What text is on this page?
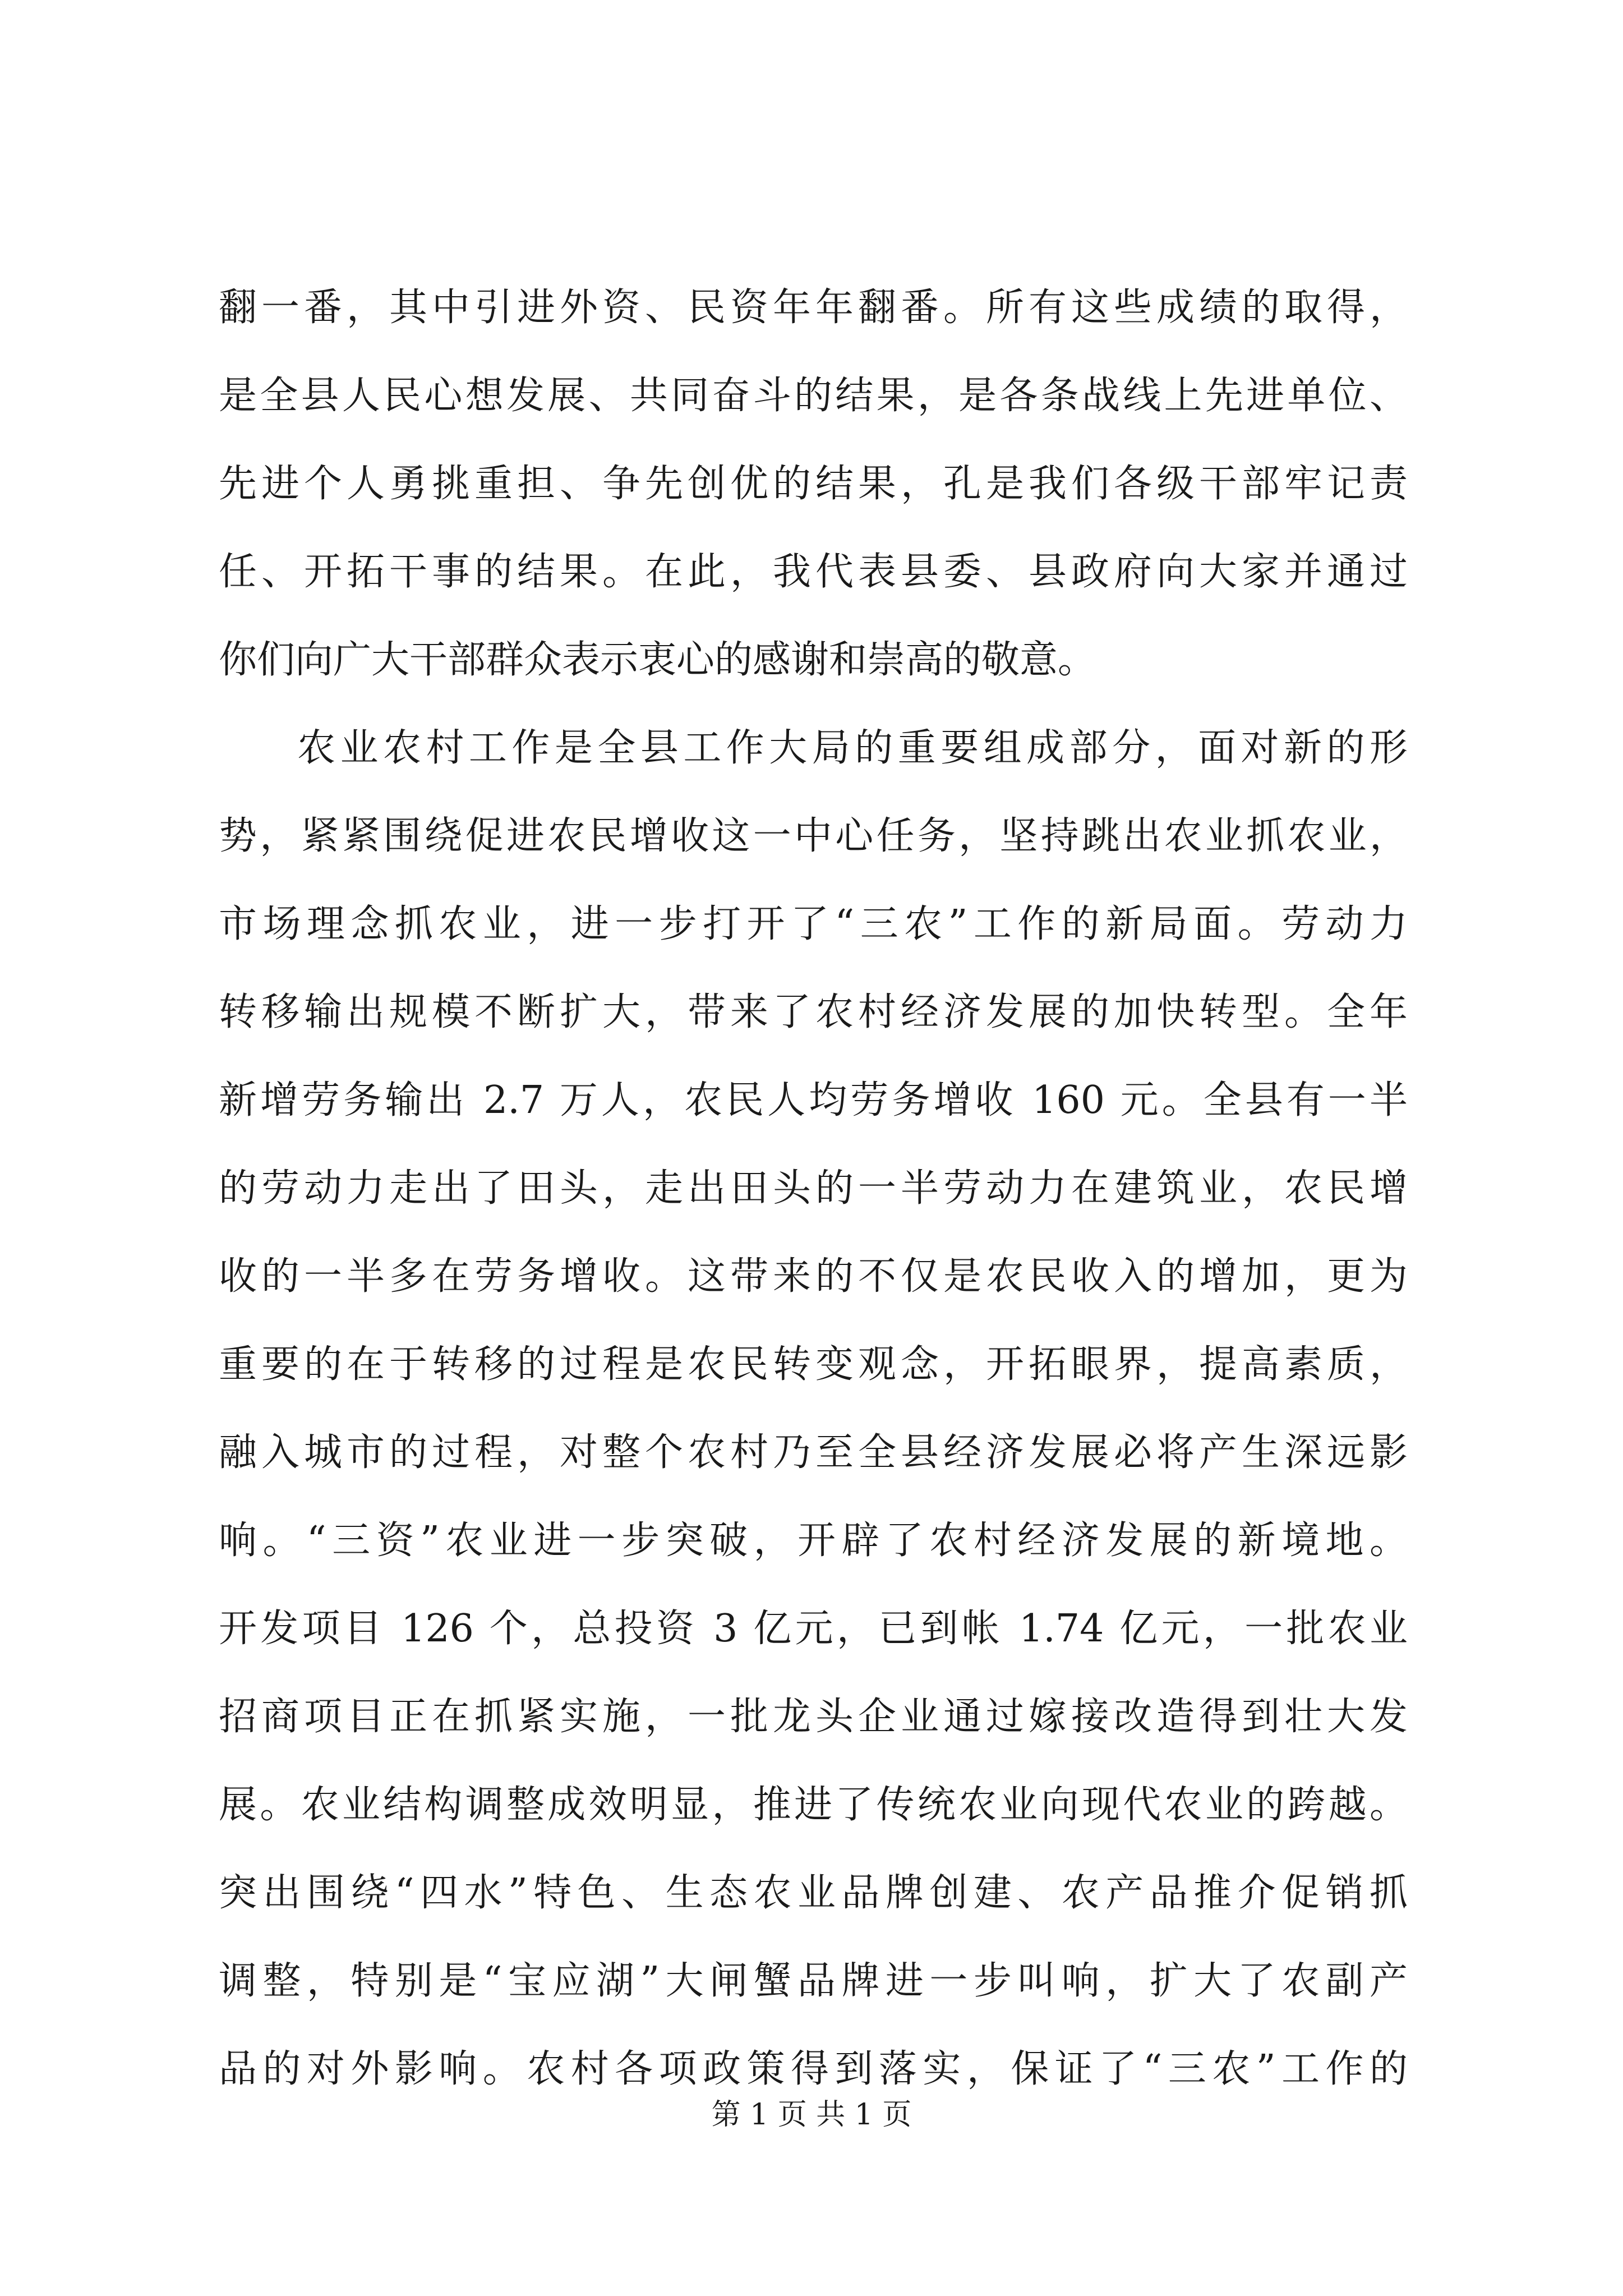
翻一番，其中引进外资、民资年年翻番。所有这些成绩的取得，
是全县人民心想发展、共同奋斗的结果，是各条战线上先进单位、
先进个人勇挑重担、争先创优的结果，孔是我们各级干部牢记责
任、开拓干事的结果。在此，我代表县委、县政府向大家并通过
你们向广大干部群众表示衷心的感谢和崇高的敬意。
农业农村工作是全县工作大局的重要组成部分，面对新的形
势，紧紧围绕促进农民增收这一中心任务，坚持跳出农业抓农业，
市场理念抓农业，进一步打开了“三农”工作的新局面。劳动力
转移输出规模不断扩大，带来了农村经济发展的加快转型。全年
新增劳务输出 2.7 万人，农民人均劳务增收 160 元。全县有一半
的劳动力走出了田头，走出田头的一半劳动力在建筑业，农民增
收的一半多在劳务增收。这带来的不仅是农民收入的增加，更为
重要的在于转移的过程是农民转变观念，开拓眼界，提高素质，
融入城市的过程，对整个农村乃至全县经济发展必将产生深远影
响。“三资”农业进一步突破，开辟了农村经济发展的新境地。
开发项目 126 个，总投资 3 亿元，已到帐 1.74 亿元，一批农业
招商项目正在抓紧实施，一批龙头企业通过嫁接改造得到壮大发
展。农业结构调整成效明显，推进了传统农业向现代农业的跨越。
突出围绕“四水”特色、生态农业品牌创建、农产品推介促销抓
调整，特别是“宝应湖”大闸蟹品牌进一步叫响，扩大了农副产
品的对外影响。农村各项政策得到落实，保证了“三农”工作的
第 1 页 共 1 页
